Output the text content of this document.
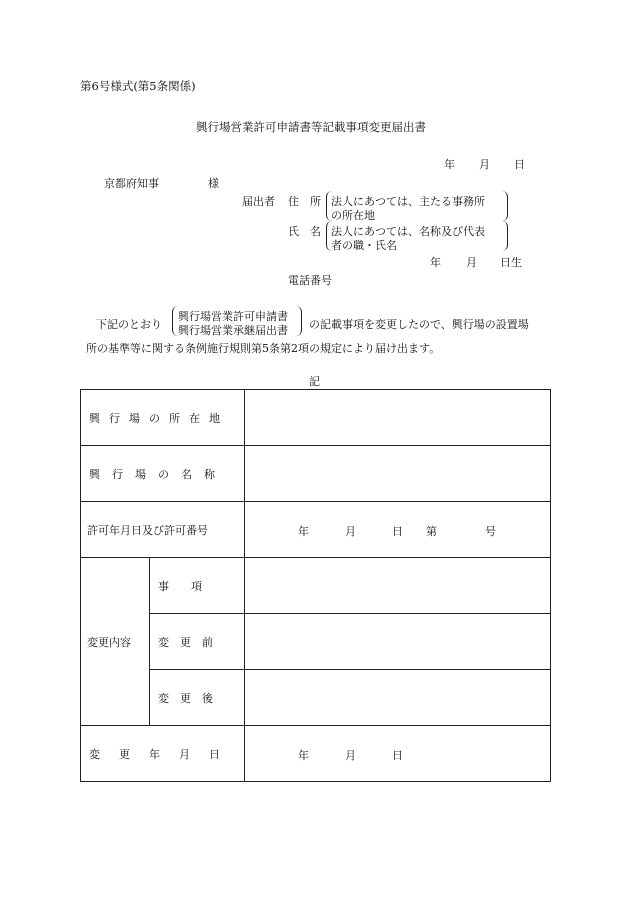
第6号様式(第5条関係)
興行場営業許可申請書等記載事項変更届出書
年 月 日
京都府知事	様
届出者 住　所 法人にあつては、主たる事務所
の所在地
氏　名 法人にあつては、名称及び代表
者の職・氏名
年 月 日生
電話番号
下記のとおり
興行場営業許可申請書
興行場営業承継届出書 の記載事項を変更したので、興行場の設置場
所の基準等に関する条例施行規則第5条第2項の規定により届け出ます。
記
興行場の所在地		
興行場の名称		
許可年月日及び許可番号		年 月 日 第 号

変更内容	事　　項	
	変　更　前	
	変　更　後	
変　更　年　月　日		年 月 日
